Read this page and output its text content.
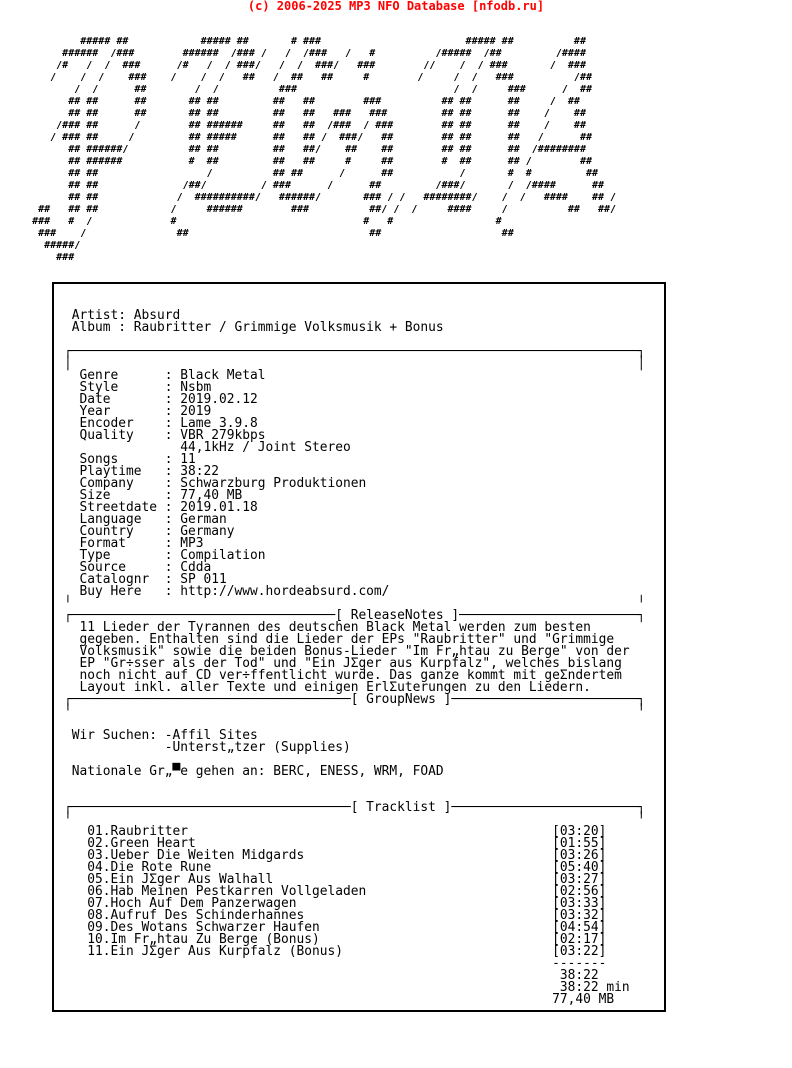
(c) 2006-2025 MP3 NFO Database [nfodb.ru]
##### ##            ##### ##       # ###                        ##### ##          ##
######  /###        ######  /### /   /  /###   /   #          /#####  /##         /####
/#   /  /  ###      /#   /  / ###/   /  /  ###/   ###        //    /  / ###       /  ###
/    /  /    ###    /    /  /   ##   /  ##   ##     #        /     /  /   ###          /##
/  /      ##        /  /          ###                          /  /     ###      /  ##
## ##      ##       ## ##         ##   ##        ###          ## ##      ##     /  ##
## ##      ##       ## ##         ##   ##   ###   ###         ## ##      ##    /    ##
/### ##      /        ## ######     ##   ##  /###  / ###        ## ##      ##    /    ##
/ ### ##     /         ## #####      ##   ## /  ###/   ##        ## ##      ##   /      ##
## ######/          ## ##         ##   ##/    ##    ##        ## ##      ##  /########
## ######           #  ##         ##   ##     #     ##        #  ##      ## /        ##
## ##                  /          ## ##      /      ##           /       #  #         ##
## ##              /##/         / ###      /      ##         /###/       /  /####      ##
## ##             /  ##########/   ######/       ### / /   ########/    /  /   ####    ## /
##   ## ##            /     ######        ###          ##/ /  /     ####     /          ##   ##/
###   #  /             #                               #   #                 #
###    /               ##                              ##                    ##
#####/
###
Artist: Absurd
Album : Raubritter / Grimmige Volksmusik + Bonus
┌─────────────────────────────────────────────────────────────────────────┐
│                                                                         │
Genre      : Black Metal
Style      : Nsbm
Date       : 2019.02.12
Year       : 2019
Encoder    : Lame 3.9.8
Quality    : VBR 279kbps
44,1kHz / Joint Stereo
Songs      : 11
Playtime   : 38:22
Company    : Schwarzburg Produktionen
Size       : 77,40 MB
Streetdate : 2019.01.18
Language   : German
Country    : Germany
Format     : MP3
Type       : Compilation
Source     : Cdda
Catalognr  : SP 011
Buy Here   : http://www.hordeabsurd.com/
╵                                                                         ╵
┌──────────────────────────────────[ ReleaseNotes ]───────────────────────┐
11 Lieder der Tyrannen des deutschen Black Metal werden zum besten
gegeben. Enthalten sind die Lieder der EPs "Raubritter" und "Grimmige
Volksmusik" sowie die beiden Bonus-Lieder "Im Fr„htau zu Berge" von der
EP "Gr÷sser als der Tod" und "Ein JΣger aus Kurpfalz", welches bislang
noch nicht auf CD ver÷ffentlicht wurde. Das ganze kommt mit geΣndertem
Layout inkl. aller Texte und einigen ErlΣuterungen zu den Liedern.
┌────────────────────────────────────[ GroupNews ]────────────────────────┐
╵                                                                         ╵
Wir Suchen: -Affil Sites
-Unterst„tzer (Supplies)
Nationale Gr„▀e gehen an: BERC, ENESS, WRM, FOAD
┌────────────────────────────────────[ Tracklist ]────────────────────────┐
╵                                                                         ╵
01.Raubritter                                               [03:20]
02.Green Heart                                              [01:55]
03.Ueber Die Weiten Midgards                                [03:26]
04.Die Rote Rune                                            [05:40]
05.Ein JΣger Aus Walhall                                    [03:27]
06.Hab Meinen Pestkarren Vollgeladen                        [02:56]
07.Hoch Auf Dem Panzerwagen                                 [03:33]
08.Aufruf Des Schinderhannes                                [03:32]
09.Des Wotans Schwarzer Haufen                              [04:54]
10.Im Fr„htau Zu Berge (Bonus)                              [02:17]
11.Ein JΣger Aus Kurpfalz (Bonus)                           [03:22]
-------
38:22
38:22 min
77,40 MB
